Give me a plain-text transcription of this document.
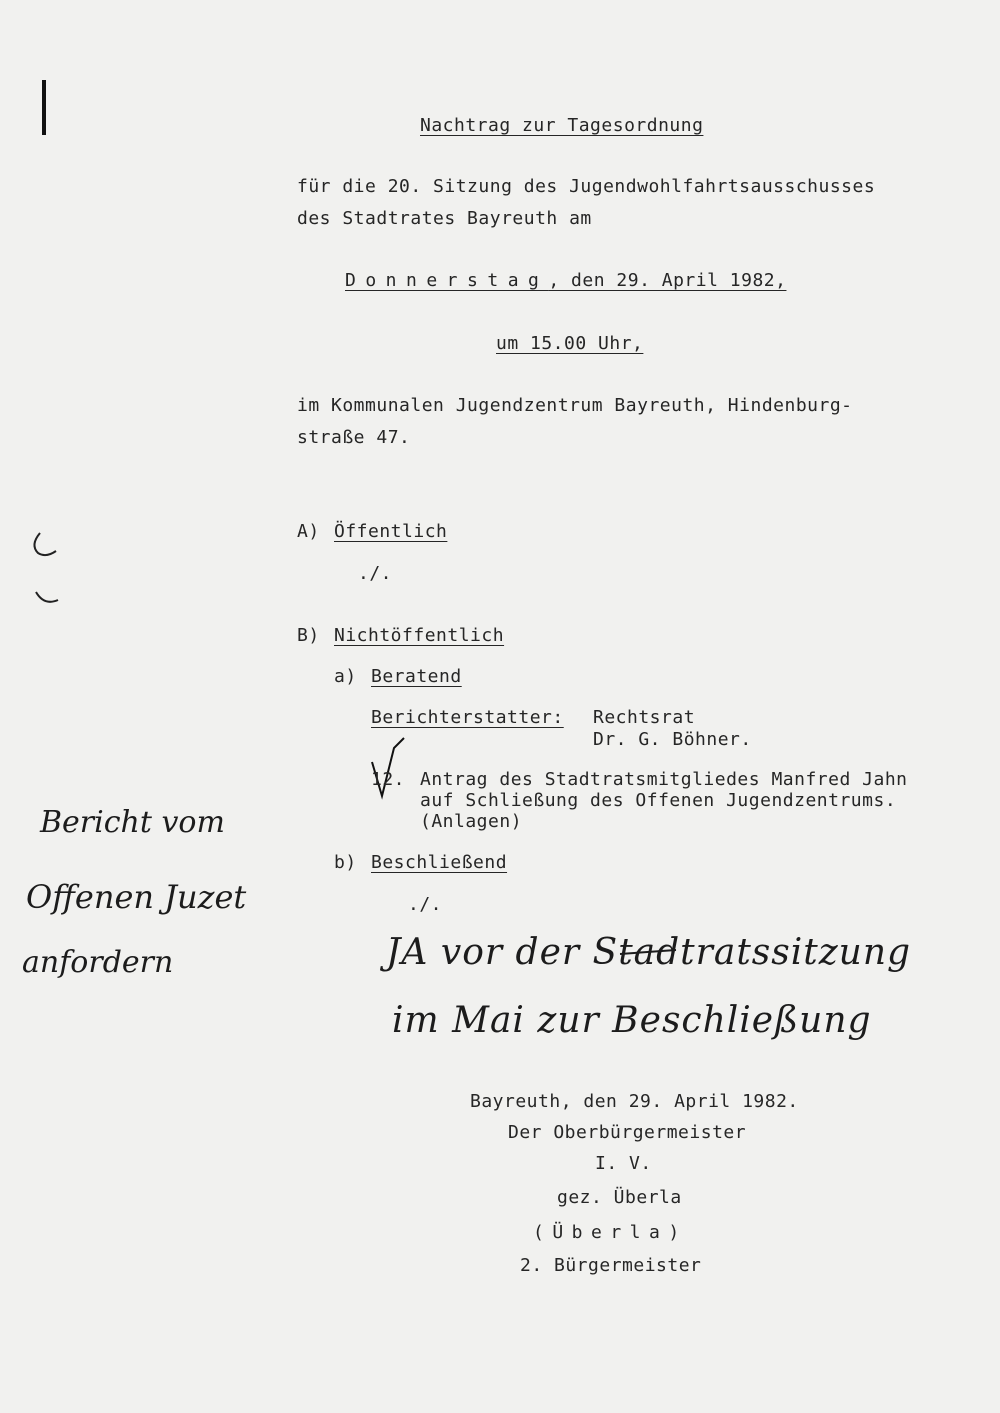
Nachtrag zur Tagesordnung
für die 20. Sitzung des Jugendwohlfahrtsausschusses
des Stadtrates Bayreuth am
Donnerstag, den 29. April 1982,
um 15.00 Uhr,
im Kommunalen Jugendzentrum Bayreuth, Hindenburg-
straße 47.
A) Öffentlich
./.
B) Nichtöffentlich
a) Beratend
Berichterstatter: Rechtsrat
Dr. G. Böhner.
12. Antrag des Stadtratsmitgliedes Manfred Jahn
auf Schließung des Offenen Jugendzentrums.
(Anlagen)
b) Beschließend
./.
Bericht vom
Offenen Juzet
anfordern	JA vor der Stadtratssitzung
im Mai zur Beschließung
Bayreuth, den 29. April 1982.
Der Oberbürgermeister
I. V.
gez. Überla
(Überla)
2. Bürgermeister
